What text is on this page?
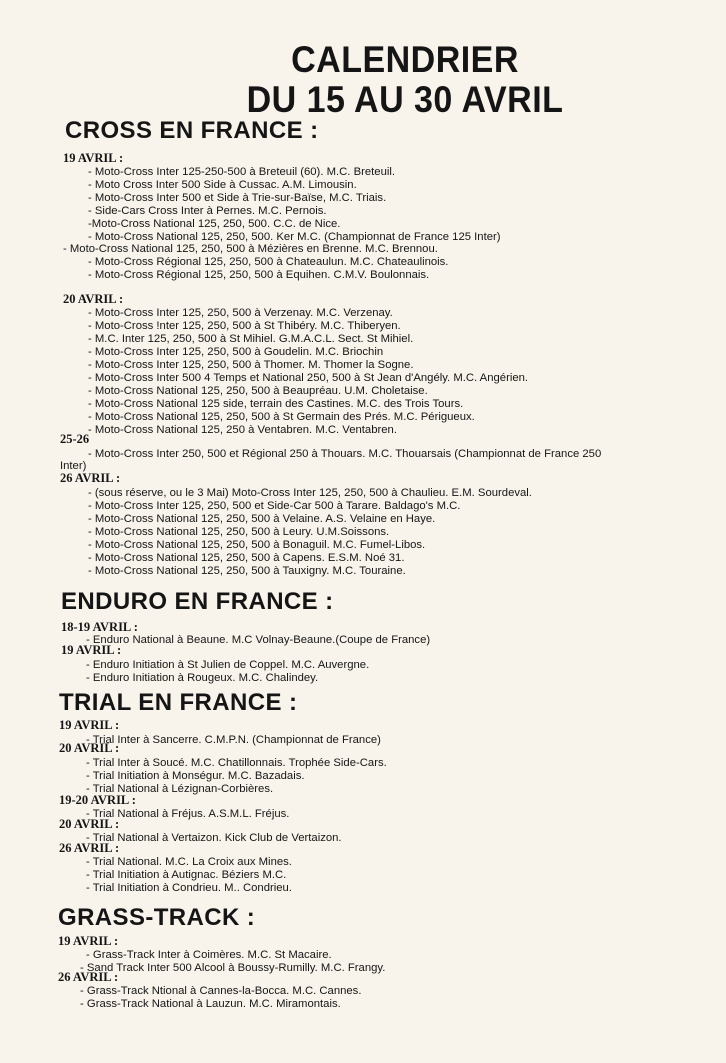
CALENDRIER
DU 15 AU 30 AVRIL
CROSS EN FRANCE :
19 AVRIL :
- Moto-Cross Inter 125-250-500 à Breteuil (60). M.C. Breteuil.
- Moto Cross Inter 500 Side à Cussac. A.M. Limousin.
- Moto-Cross Inter 500 et Side à Trie-sur-Baïse, M.C. Triais.
- Side-Cars Cross Inter à Pernes. M.C. Pernois.
-Moto-Cross National 125, 250, 500. C.C. de Nice.
- Moto-Cross National 125, 250, 500. Ker M.C. (Championnat de France 125 Inter)
- Moto-Cross National 125, 250, 500 à Mézières en Brenne. M.C. Brennou.
- Moto-Cross Régional 125, 250, 500 à Chateaulun. M.C. Chateaulinois.
- Moto-Cross Régional 125, 250, 500 à Equihen. C.M.V. Boulonnais.
20 AVRIL :
- Moto-Cross Inter 125, 250, 500 à Verzenay. M.C. Verzenay.
- Moto-Cross !nter 125, 250, 500 à St Thibéry. M.C. Thiberyen.
- M.C. Inter 125, 250, 500 à St Mihiel. G.M.A.C.L. Sect. St Mihiel.
- Moto-Cross Inter 125, 250, 500 à Goudelin. M.C. Briochin
- Moto-Cross Inter 125, 250, 500 à Thomer. M. Thomer la Sogne.
- Moto-Cross Inter 500 4 Temps et National 250, 500 à St Jean d'Angély. M.C. Angérien.
- Moto-Cross National 125, 250, 500 à Beaupréau. U.M. Choletaise.
- Moto-Cross National 125 side, terrain des Castines. M.C. des Trois Tours.
- Moto-Cross National 125, 250, 500 à St Germain des Prés. M.C. Périgueux.
- Moto-Cross National 125, 250 à Ventabren. M.C. Ventabren.
25-26
- Moto-Cross Inter 250, 500 et Régional 250 à Thouars. M.C. Thouarsais (Championnat de France 250
Inter)
26 AVRIL :
- (sous réserve, ou le 3 Mai) Moto-Cross Inter 125, 250, 500 à Chaulieu. E.M. Sourdeval.
- Moto-Cross Inter 125, 250, 500 et Side-Car 500 à Tarare. Baldago's M.C.
- Moto-Cross National 125, 250, 500 à Velaine. A.S. Velaine en Haye.
- Moto-Cross National 125, 250, 500 à Leury. U.M.Soissons.
- Moto-Cross National 125, 250, 500 à Bonaguil. M.C. Fumel-Libos.
- Moto-Cross National 125, 250, 500 à Capens. E.S.M. Noé 31.
- Moto-Cross National 125, 250, 500 à Tauxigny. M.C. Touraine.
ENDURO EN FRANCE :
18-19 AVRIL :
- Enduro National à Beaune. M.C Volnay-Beaune.(Coupe de France)
19 AVRIL :
- Enduro Initiation à St Julien de Coppel. M.C. Auvergne.
- Enduro Initiation à Rougeux. M.C. Chalindey.
TRIAL EN FRANCE :
19 AVRIL :
- Trial Inter à Sancerre. C.M.P.N. (Championnat de France)
20 AVRIL :
- Trial Inter à Soucé. M.C. Chatillonnais. Trophée Side-Cars.
- Trial Initiation à Monségur. M.C. Bazadais.
- Trial National à Lézignan-Corbières.
19-20 AVRIL :
- Trial National à Fréjus. A.S.M.L. Fréjus.
20 AVRIL :
- Trial National à Vertaizon. Kick Club de Vertaizon.
26 AVRIL :
- Trial National. M.C. La Croix aux Mines.
- Trial Initiation à Autignac. Béziers M.C.
- Trial Initiation à Condrieu. M.. Condrieu.
GRASS-TRACK :
19 AVRIL :
- Grass-Track Inter à Coimères. M.C. St Macaire.
- Sand Track Inter 500 Alcool à Boussy-Rumilly. M.C. Frangy.
26 AVRIL :
- Grass-Track Ntional à Cannes-la-Bocca. M.C. Cannes.
- Grass-Track National à Lauzun. M.C. Miramontais.
